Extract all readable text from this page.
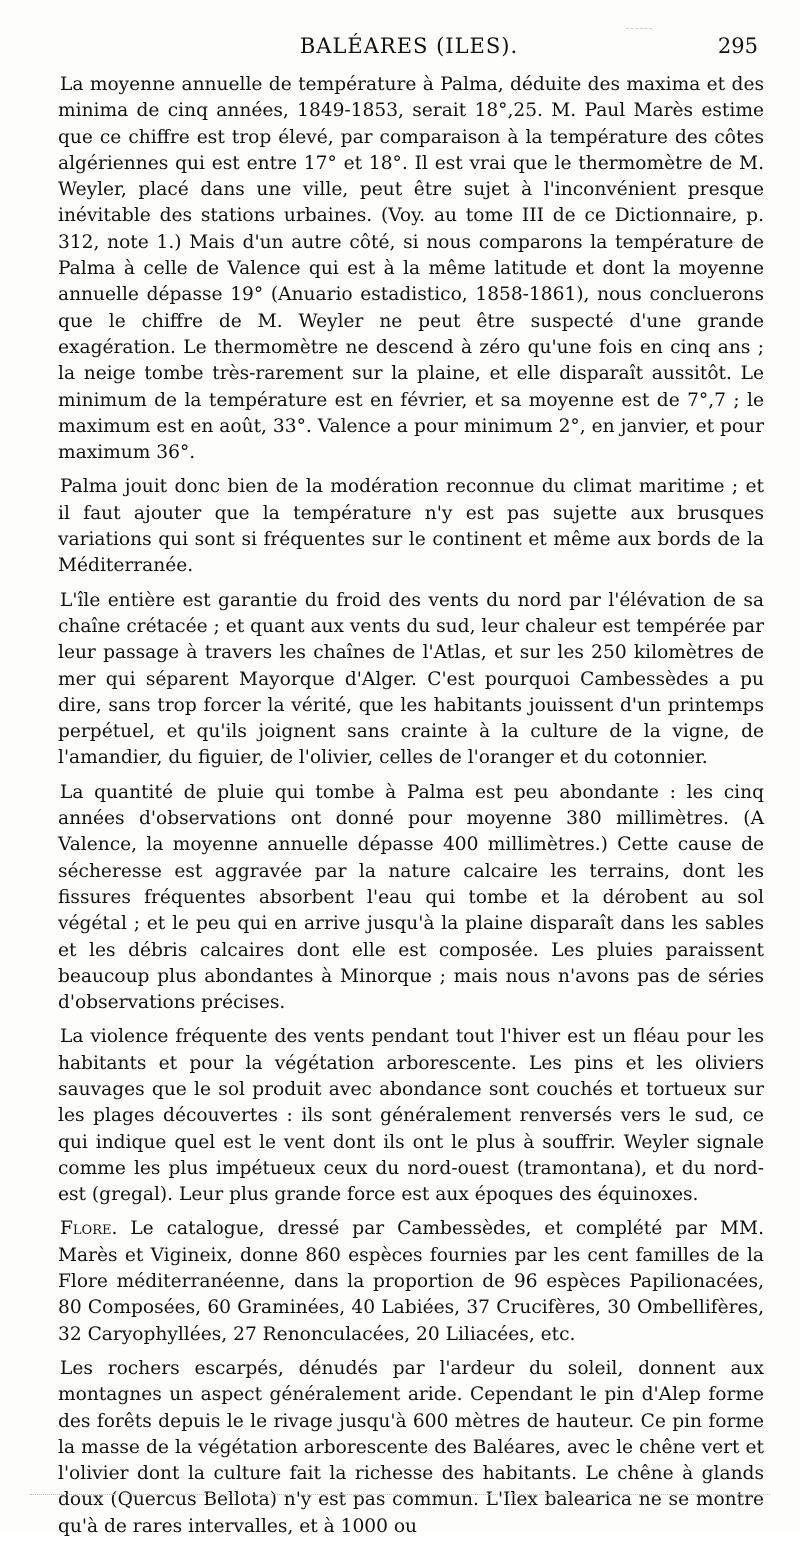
BALÉARES (ILES).	295

La moyenne annuelle de température à Palma, déduite des maxima et des minima de cinq années, 1849-1853, serait 18°,25. M. Paul Marès estime que ce chiffre est trop élevé, par comparaison à la température des côtes algériennes qui est entre 17° et 18°. Il est vrai que le thermomètre de M. Weyler, placé dans une ville, peut être sujet à l'inconvénient presque inévitable des stations urbaines. (Voy. au tome III de ce Dictionnaire, p. 312, note 1.) Mais d'un autre côté, si nous comparons la température de Palma à celle de Valence qui est à la même latitude et dont la moyenne annuelle dépasse 19° (Anuario estadistico, 1858-1861), nous concluerons que le chiffre de M. Weyler ne peut être suspecté d'une grande exagération. Le thermomètre ne descend à zéro qu'une fois en cinq ans ; la neige tombe très-rarement sur la plaine, et elle disparaît aussitôt. Le minimum de la température est en février, et sa moyenne est de 7°,7 ; le maximum est en août, 33°. Valence a pour minimum 2°, en janvier, et pour maximum 36°.

Palma jouit donc bien de la modération reconnue du climat maritime ; et il faut ajouter que la température n'y est pas sujette aux brusques variations qui sont si fréquentes sur le continent et même aux bords de la Méditerranée.

L'île entière est garantie du froid des vents du nord par l'élévation de sa chaîne crétacée ; et quant aux vents du sud, leur chaleur est tempérée par leur passage à travers les chaînes de l'Atlas, et sur les 250 kilomètres de mer qui séparent Mayorque d'Alger. C'est pourquoi Cambessèdes a pu dire, sans trop forcer la vérité, que les habitants jouissent d'un printemps perpétuel, et qu'ils joignent sans crainte à la culture de la vigne, de l'amandier, du figuier, de l'olivier, celles de l'oranger et du cotonnier.

La quantité de pluie qui tombe à Palma est peu abondante : les cinq années d'observations ont donné pour moyenne 380 millimètres. (A Valence, la moyenne annuelle dépasse 400 millimètres.) Cette cause de sécheresse est aggravée par la nature calcaire les terrains, dont les fissures fréquentes absorbent l'eau qui tombe et la dérobent au sol végétal ; et le peu qui en arrive jusqu'à la plaine disparaît dans les sables et les débris calcaires dont elle est composée. Les pluies paraissent beaucoup plus abondantes à Minorque ; mais nous n'avons pas de séries d'observations précises.

La violence fréquente des vents pendant tout l'hiver est un fléau pour les habitants et pour la végétation arborescente. Les pins et les oliviers sauvages que le sol produit avec abondance sont couchés et tortueux sur les plages découvertes : ils sont généralement renversés vers le sud, ce qui indique quel est le vent dont ils ont le plus à souffrir. Weyler signale comme les plus impétueux ceux du nord-ouest (tramontana), et du nord-est (gregal). Leur plus grande force est aux époques des équinoxes.

Flore. Le catalogue, dressé par Cambessèdes, et complété par MM. Marès et Vigineix, donne 860 espèces fournies par les cent familles de la Flore méditerranéenne, dans la proportion de 96 espèces Papilionacées, 80 Composées, 60 Graminées, 40 Labiées, 37 Crucifères, 30 Ombellifères, 32 Caryophyllées, 27 Renonculacées, 20 Liliacées, etc.

Les rochers escarpés, dénudés par l'ardeur du soleil, donnent aux montagnes un aspect généralement aride. Cependant le pin d'Alep forme des forêts depuis le le rivage jusqu'à 600 mètres de hauteur. Ce pin forme la masse de la végétation arborescente des Baléares, avec le chêne vert et l'olivier dont la culture fait la richesse des habitants. Le chêne à glands doux (Quercus Bellota) n'y est pas commun. L'Ilex balearica ne se montre qu'à de rares intervalles, et à 1000 ou
